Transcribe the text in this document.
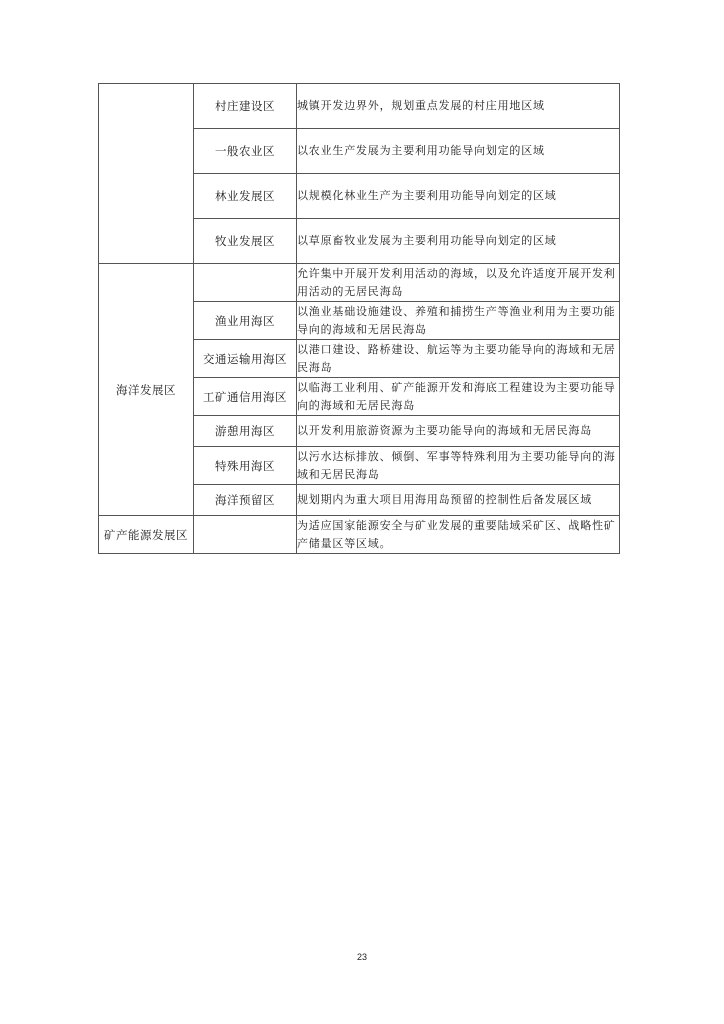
	村庄建设区	城镇开发边界外，规划重点发展的村庄用地区域
	一般农业区	以农业生产发展为主要利用功能导向划定的区域
	林业发展区	以规模化林业生产为主要利用功能导向划定的区域
	牧业发展区	以草原畜牧业发展为主要利用功能导向划定的区域
海洋发展区		允许集中开展开发利用活动的海域，以及允许适度开展开发利用活动的无居民海岛
	渔业用海区	以渔业基础设施建设、养殖和捕捞生产等渔业利用为主要功能导向的海域和无居民海岛
	交通运输用海区	以港口建设、路桥建设、航运等为主要功能导向的海域和无居民海岛
	工矿通信用海区	以临海工业利用、矿产能源开发和海底工程建设为主要功能导向的海域和无居民海岛
	游憩用海区	以开发利用旅游资源为主要功能导向的海域和无居民海岛
	特殊用海区	以污水达标排放、倾倒、军事等特殊利用为主要功能导向的海域和无居民海岛
	海洋预留区	规划期内为重大项目用海用岛预留的控制性后备发展区域
矿产能源发展区		为适应国家能源安全与矿业发展的重要陆域采矿区、战略性矿产储量区等区域。
23
